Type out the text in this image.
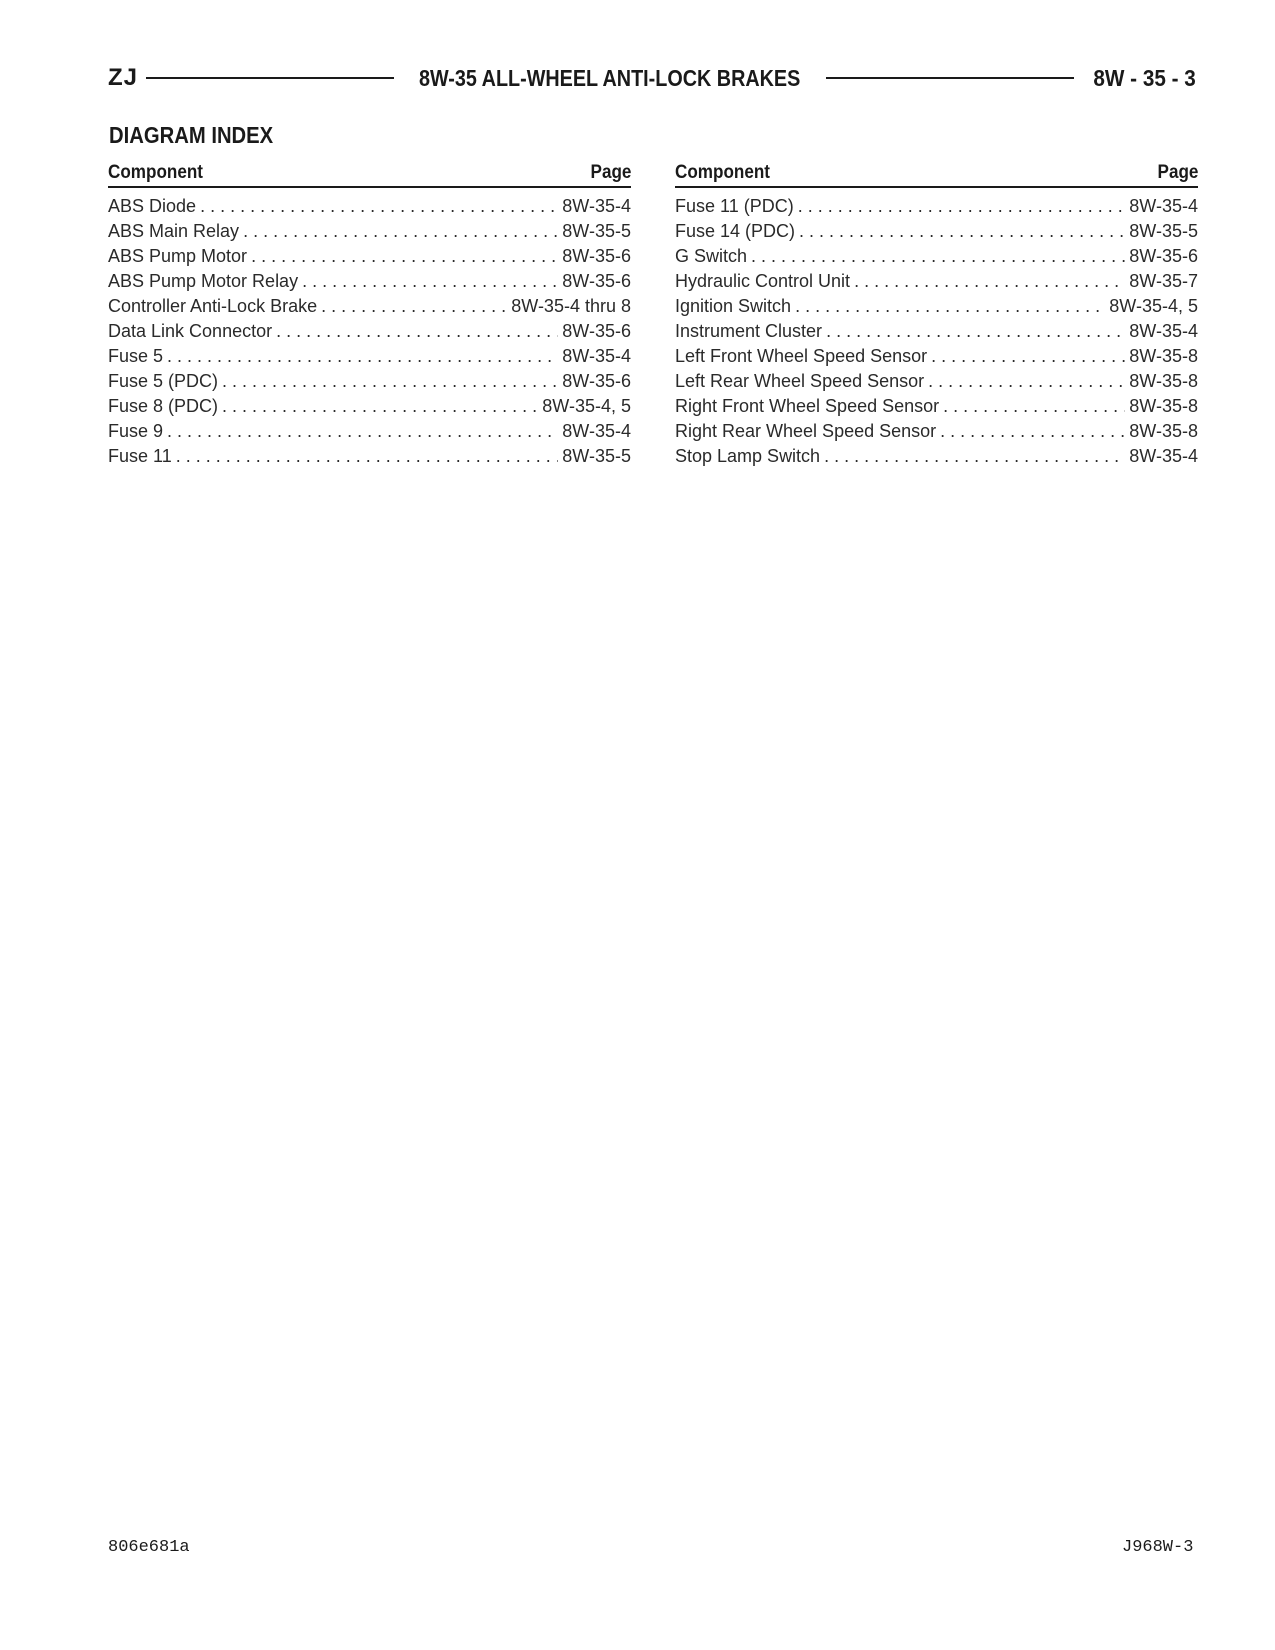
ZJ	8W-35 ALL-WHEEL ANTI-LOCK BRAKES	8W - 35 - 3
DIAGRAM INDEX
Component	Page
ABS Diode . . .	8W-35-4
ABS Main Relay . . .	8W-35-5
ABS Pump Motor . . .	8W-35-6
ABS Pump Motor Relay . . .	8W-35-6
Controller Anti-Lock Brake . . .	8W-35-4 thru 8
Data Link Connector . . .	8W-35-6
Fuse 5 . . .	8W-35-4
Fuse 5 (PDC) . . .	8W-35-6
Fuse 8 (PDC) . . .	8W-35-4, 5
Fuse 9 . . .	8W-35-4
Fuse 11 . . .	8W-35-5
Component	Page
Fuse 11 (PDC) . . .	8W-35-4
Fuse 14 (PDC) . . .	8W-35-5
G Switch . . .	8W-35-6
Hydraulic Control Unit . . .	8W-35-7
Ignition Switch . . .	8W-35-4, 5
Instrument Cluster . . .	8W-35-4
Left Front Wheel Speed Sensor . . .	8W-35-8
Left Rear Wheel Speed Sensor . . .	8W-35-8
Right Front Wheel Speed Sensor . . .	8W-35-8
Right Rear Wheel Speed Sensor . . .	8W-35-8
Stop Lamp Switch . . .	8W-35-4
806e681a	J968W-3
